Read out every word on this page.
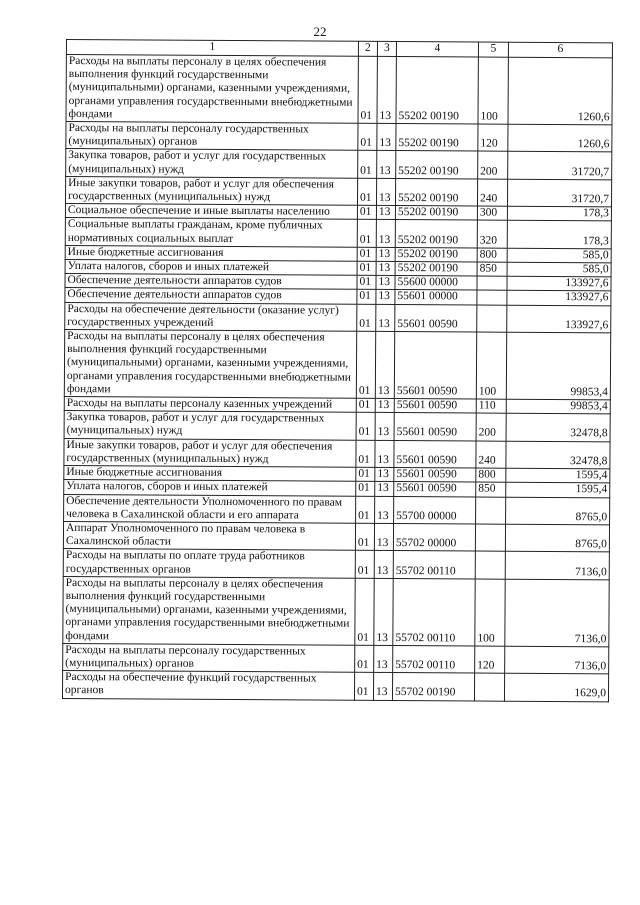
22
1	2	3	4	5	6
Расходы на выплаты персоналу в целях обеспечения выполнения функций государственными (муниципальными) органами, казенными учреждениями, органами управления государственными внебюджетными фондами	01	13	55202 00190	100	1260,6
Расходы на выплаты персоналу государственных (муниципальных) органов	01	13	55202 00190	120	1260,6
Закупка товаров, работ и услуг для государственных (муниципальных) нужд	01	13	55202 00190	200	31720,7
Иные закупки товаров, работ и услуг для обеспечения государственных (муниципальных) нужд	01	13	55202 00190	240	31720,7
Социальное обеспечение и иные выплаты населению	01	13	55202 00190	300	178,3
Социальные выплаты гражданам, кроме публичных нормативных социальных выплат	01	13	55202 00190	320	178,3
Иные бюджетные ассигнования	01	13	55202 00190	800	585,0
Уплата налогов, сборов и иных платежей	01	13	55202 00190	850	585,0
Обеспечение деятельности аппаратов судов	01	13	55600 00000		133927,6
Обеспечение деятельности аппаратов судов	01	13	55601 00000		133927,6
Расходы на обеспечение деятельности (оказание услуг) государственных учреждений	01	13	55601 00590		133927,6
Расходы на выплаты персоналу в целях обеспечения выполнения функций государственными (муниципальными) органами, казенными учреждениями, органами управления государственными внебюджетными фондами	01	13	55601 00590	100	99853,4
Расходы на выплаты персоналу казенных учреждений	01	13	55601 00590	110	99853,4
Закупка товаров, работ и услуг для государственных (муниципальных) нужд	01	13	55601 00590	200	32478,8
Иные закупки товаров, работ и услуг для обеспечения государственных (муниципальных) нужд	01	13	55601 00590	240	32478,8
Иные бюджетные ассигнования	01	13	55601 00590	800	1595,4
Уплата налогов, сборов и иных платежей	01	13	55601 00590	850	1595,4
Обеспечение деятельности Уполномоченного по правам человека в Сахалинской области и его аппарата	01	13	55700 00000		8765,0
Аппарат Уполномоченного по правам человека в Сахалинской области	01	13	55702 00000		8765,0
Расходы на выплаты по оплате труда работников государственных органов	01	13	55702 00110		7136,0
Расходы на выплаты персоналу в целях обеспечения выполнения функций государственными (муниципальными) органами, казенными учреждениями, органами управления государственными внебюджетными фондами	01	13	55702 00110	100	7136,0
Расходы на выплаты персоналу государственных (муниципальных) органов	01	13	55702 00110	120	7136,0
Расходы на обеспечение функций государственных органов	01	13	55702 00190		1629,0
